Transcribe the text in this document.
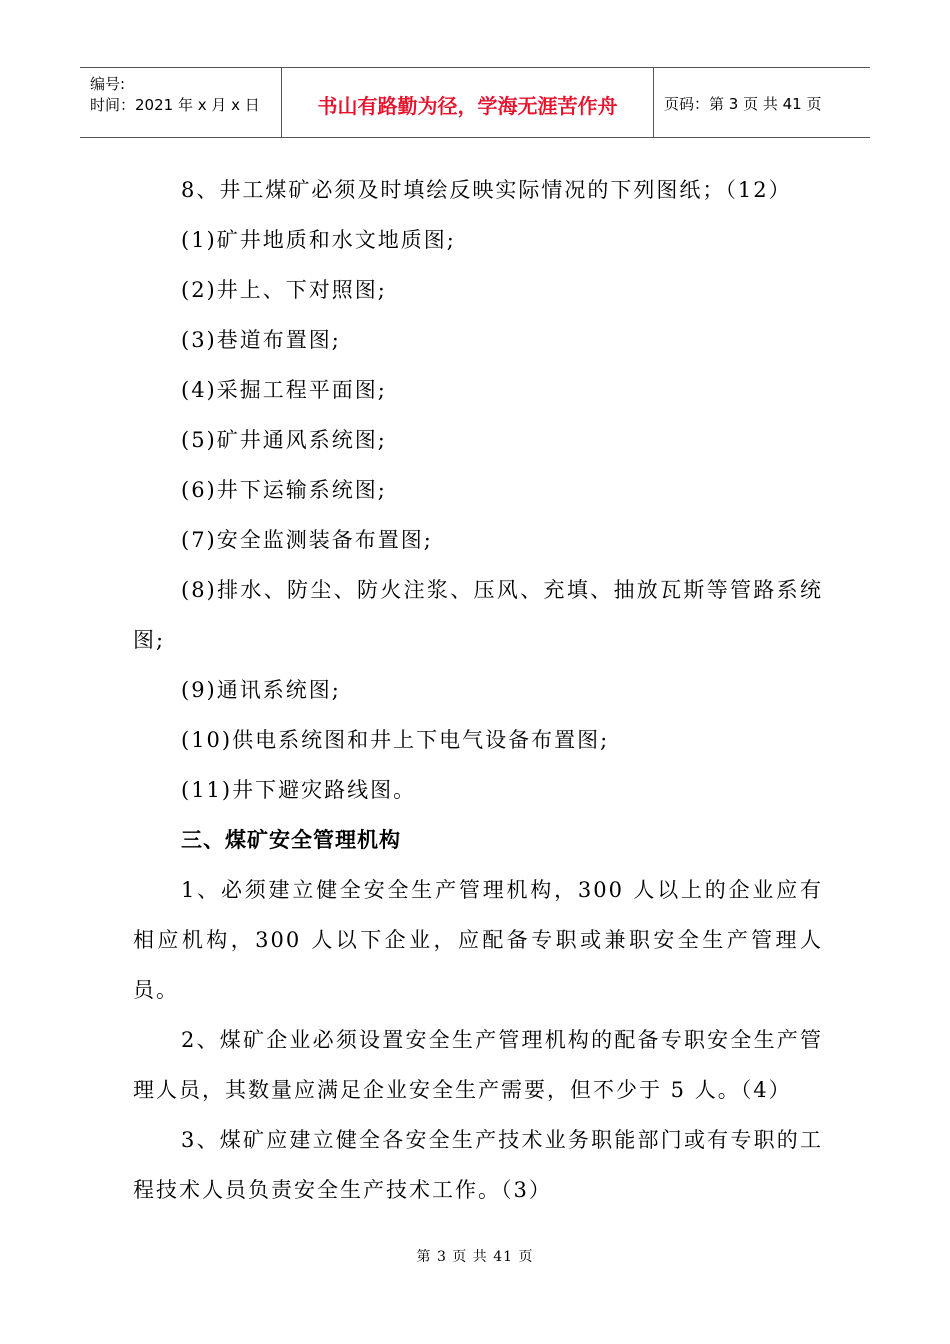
编号:
时间：2021 年 x 月 x 日	书山有路勤为径，学海无涯苦作舟	页码：第 3 页 共 41 页

8、井工煤矿必须及时填绘反映实际情况的下列图纸；（12）

(1)矿井地质和水文地质图;

(2)井上、下对照图;

(3)巷道布置图;

(4)采掘工程平面图;

(5)矿井通风系统图;

(6)井下运输系统图;

(7)安全监测装备布置图;

(8)排水、防尘、防火注浆、压风、充填、抽放瓦斯等管路系统图;

(9)通讯系统图;

(10)供电系统图和井上下电气设备布置图;

(11)井下避灾路线图。

三、煤矿安全管理机构

1、必须建立健全安全生产管理机构，300 人以上的企业应有相应机构，300 人以下企业，应配备专职或兼职安全生产管理人员。

2、煤矿企业必须设置安全生产管理机构的配备专职安全生产管理人员，其数量应满足企业安全生产需要，但不少于 5 人。（4）

3、煤矿应建立健全各安全生产技术业务职能部门或有专职的工程技术人员负责安全生产技术工作。（3）

第 3 页 共 41 页
